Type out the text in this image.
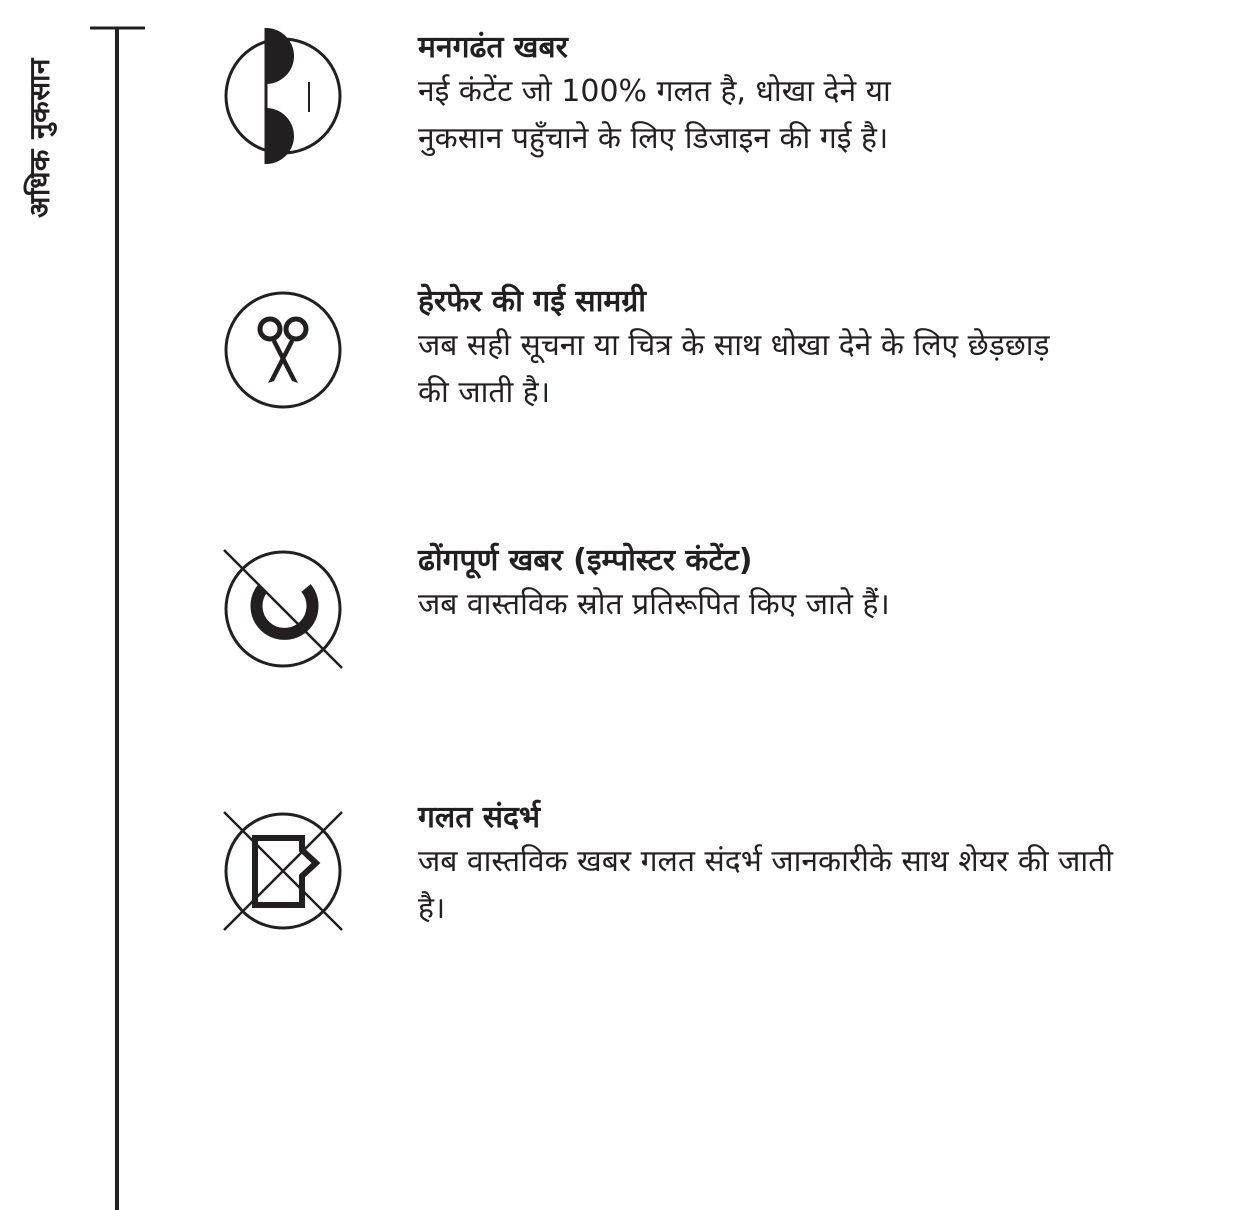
अधिक नुकसान

मनगढंत खबर

नई कंटेंट जो 100% गलत है, धोखा देने या नुकसान पहुँचाने के लिए डिजाइन की गई है।

हेरफेर की गई सामग्री

जब सही सूचना या चित्र के साथ धोखा देने के लिए छेड़छाड़ की जाती है।

ढोंगपूर्ण खबर (इम्पोस्टर कंटेंट)

जब वास्तविक स्रोत प्रतिरूपित किए जाते हैं।

गलत संदर्भ

जब वास्तविक खबर गलत संदर्भ जानकारीके साथ शेयर की जाती है।
